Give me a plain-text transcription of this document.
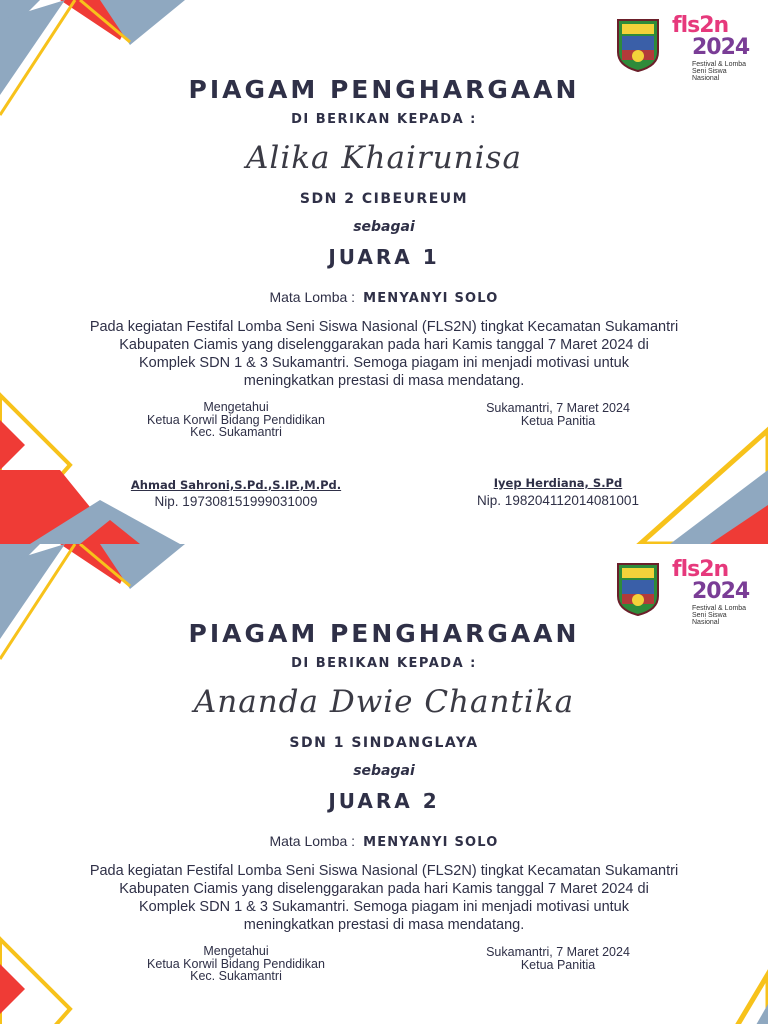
fls2n
2024
Festival & Lomba
Seni Siswa Nasional
PIAGAM PENGHARGAAN
DI BERIKAN KEPADA :
Alika Khairunisa
SDN 2 CIBEUREUM
sebagai
JUARA 1
Mata Lomba : MENYANYI SOLO
Pada kegiatan Festifal Lomba Seni Siswa Nasional (FLS2N) tingkat Kecamatan Sukamantri
Kabupaten Ciamis yang diselenggarakan pada hari Kamis tanggal 7 Maret 2024 di
Komplek SDN 1 & 3 Sukamantri. Semoga piagam ini menjadi motivasi untuk
meningkatkan prestasi di masa mendatang.
Mengetahui
Ketua Korwil Bidang Pendidikan
Kec. Sukamantri
Sukamantri, 7 Maret 2024
Ketua Panitia
Ahmad Sahroni,S.Pd.,S.IP.,M.Pd.
Nip. 197308151999031009
Iyep Herdiana, S.Pd
Nip. 198204112014081001
fls2n
2024
Festival & Lomba
Seni Siswa Nasional
PIAGAM PENGHARGAAN
DI BERIKAN KEPADA :
Ananda Dwie Chantika
SDN 1 SINDANGLAYA
sebagai
JUARA 2
Mata Lomba : MENYANYI SOLO
Pada kegiatan Festifal Lomba Seni Siswa Nasional (FLS2N) tingkat Kecamatan Sukamantri
Kabupaten Ciamis yang diselenggarakan pada hari Kamis tanggal 7 Maret 2024 di
Komplek SDN 1 & 3 Sukamantri. Semoga piagam ini menjadi motivasi untuk
meningkatkan prestasi di masa mendatang.
Mengetahui
Ketua Korwil Bidang Pendidikan
Kec. Sukamantri
Sukamantri, 7 Maret 2024
Ketua Panitia
